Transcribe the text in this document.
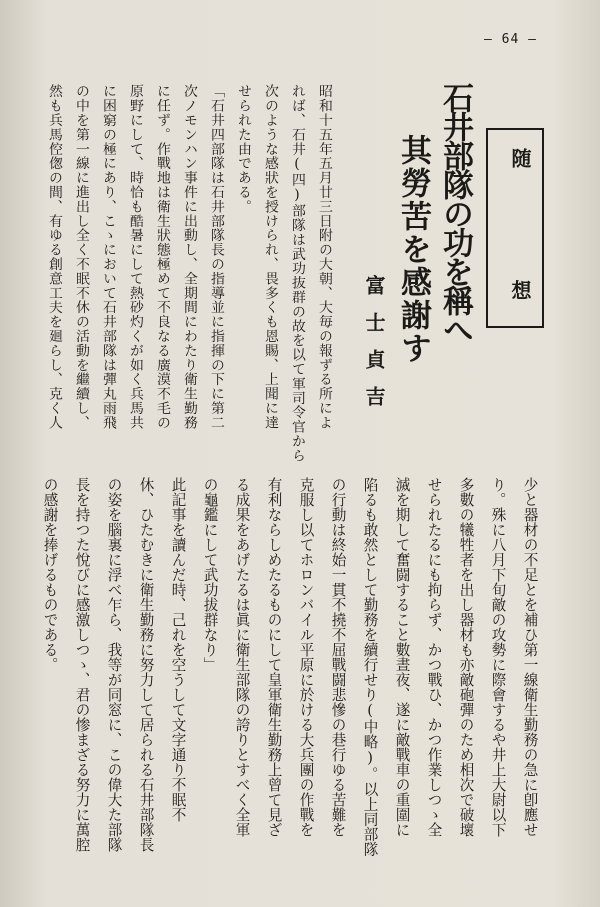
— 64 —
随
想
石井部隊の功を稱へ
其勞苦を感謝す
富士貞吉
昭和十五年五月廿三日附の大朝、大毎の報ずる所によ
れば、石井(四)部隊は武功抜群の故を以て軍司令官から
次のような感狀を授けられ、畏多くも恩賜、上聞に達
せられた由である。
「石井四部隊は石井部隊長の指導並に指揮の下に第二
次ノモンハン事件に出動し、全期間にわたり衛生勤務
に任ず。作戰地は衛生狀態極めて不良なる廣漠不毛の
原野にして、時恰も酷暑にして熱砂灼くが如く兵馬共
に困窮の極にあり、こゝにおいて石井部隊は彈丸雨飛
の中を第一線に進出し全く不眠不休の活動を繼續し、
然も兵馬倥偬の間、有ゆる創意工夫を廻らし、克く人
少と器材の不足とを補ひ第一線衛生勤務の急に卽應せ
り。殊に八月下旬敵の攻勢に際會するや井上大尉以下
多數の犧牲者を出し器材も亦敵砲彈のため相次で破壞
せられたるにも拘らず、かつ戰ひ、かつ作業しつゝ全
滅を期して奮闘すること數晝夜、遂に敵戰車の重圍に
陷るも敢然として勤務を續行せり(中略)。以上同部隊
の行動は終始一貫不撓不屈戰闘悲慘の巷行ゆる苦難を
克服し以てホロンバイル平原に於ける大兵團の作戰を
有利ならしめたるものにして皇軍衛生勤務上曾て見ざ
る成果をあげたるは眞に衛生部隊の誇りとすべく全軍
の龜鑑にして武功拔群なり」
此記事を讀んだ時、己れを空うして文字通り不眠不
休、ひたむきに衛生勤務に努力して居られる石井部隊長
の姿を腦裏に浮べ乍ら、我等が同窓に、この偉大た部隊
長を持つた悅びに感激しつゝ、君の惨まざる努力に萬腔
の感謝を捧げるものである。
